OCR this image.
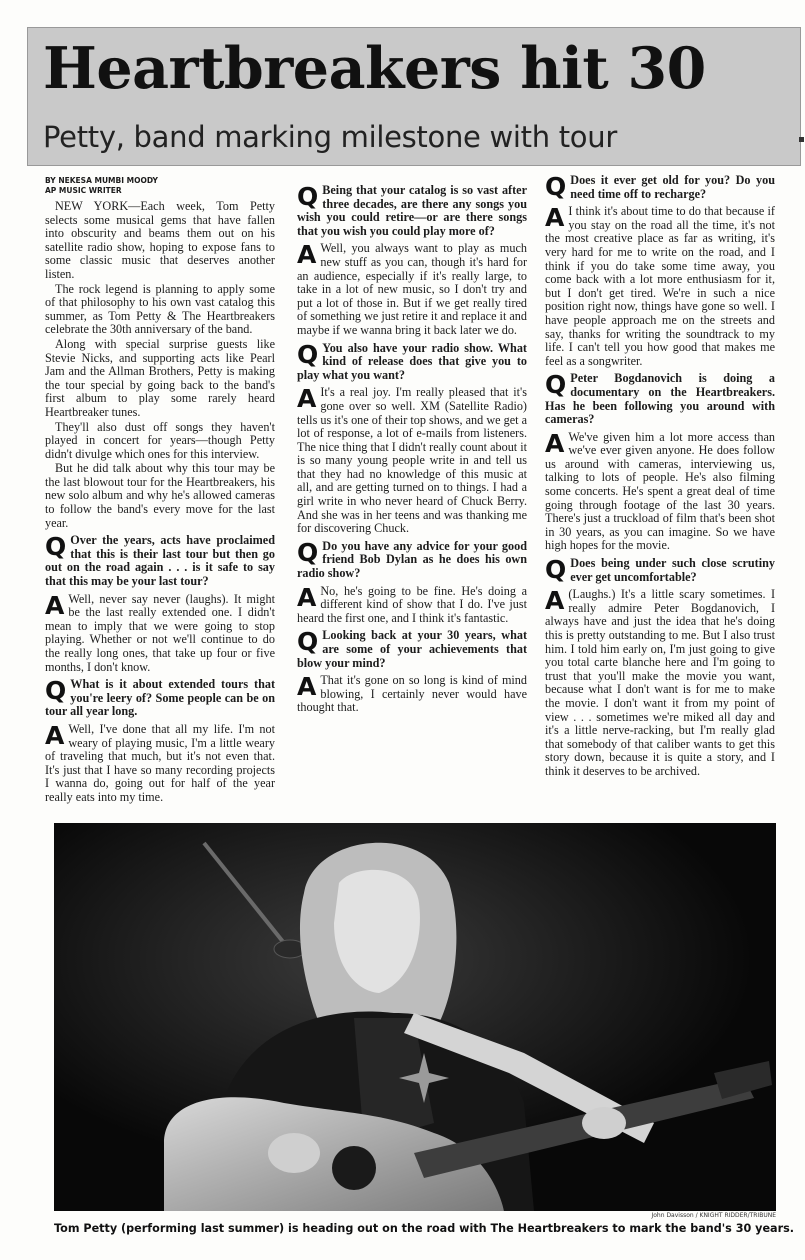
Heartbreakers hit 30
Petty, band marking milestone with tour
BY NEKESA MUMBI MOODY
AP MUSIC WRITER

NEW YORK—Each week, Tom Petty selects some musical gems that have fallen into obscurity and beams them out on his satellite radio show, hoping to expose fans to some classic music that deserves another listen.

The rock legend is planning to apply some of that philosophy to his own vast catalog this summer, as Tom Petty & The Heartbreakers celebrate the 30th anniversary of the band.

Along with special surprise guests like Stevie Nicks, and supporting acts like Pearl Jam and the Allman Brothers, Petty is making the tour special by going back to the band's first album to play some rarely heard Heartbreaker tunes.

They'll also dust off songs they haven't played in concert for years—though Petty didn't divulge which ones for this interview.

But he did talk about why this tour may be the last blowout tour for the Heartbreakers, his new solo album and why he's allowed cameras to follow the band's every move for the last year.

Q Over the years, acts have proclaimed that this is their last tour but then go out on the road again . . . is it safe to say that this may be your last tour?
A Well, never say never (laughs). It might be the last really extended one. I didn't mean to imply that we were going to stop playing. Whether or not we'll continue to do the really long ones, that take up four or five months, I don't know.
Q What is it about extended tours that you're leery of? Some people can be on tour all year long.
A Well, I've done that all my life. I'm not weary of playing music, I'm a little weary of traveling that much, but it's not even that. It's just that I have so many recording projects I wanna do, going out for half of the year really eats into my time.
Q Being that your catalog is so vast after three decades, are there any songs you wish you could retire—or are there songs that you wish you could play more of?
A Well, you always want to play as much new stuff as you can, though it's hard for an audience, especially if it's really large, to take in a lot of new music, so I don't try and put a lot of those in. But if we get really tired of something we just retire it and replace it and maybe if we wanna bring it back later we do.
Q You also have your radio show. What kind of release does that give you to play what you want?
A It's a real joy. I'm really pleased that it's gone over so well. XM (Satellite Radio) tells us it's one of their top shows, and we get a lot of response, a lot of e-mails from listeners. The nice thing that I didn't really count about it is so many young people write in and tell us that they had no knowledge of this music at all, and are getting turned on to things. I had a girl write in who never heard of Chuck Berry. And she was in her teens and was thanking me for discovering Chuck.
Q Do you have any advice for your good friend Bob Dylan as he does his own radio show?
A No, he's going to be fine. He's doing a different kind of show that I do. I've just heard the first one, and I think it's fantastic.
Q Looking back at your 30 years, what are some of your achievements that blow your mind?
A That it's gone on so long is kind of mind blowing, I certainly never would have thought that.
Q Does it ever get old for you? Do you need time off to recharge?
A I think it's about time to do that because if you stay on the road all the time, it's not the most creative place as far as writing, it's very hard for me to write on the road, and I think if you do take some time away, you come back with a lot more enthusiasm for it, but I don't get tired. We're in such a nice position right now, things have gone so well. I have people approach me on the streets and say, thanks for writing the soundtrack to my life. I can't tell you how good that makes me feel as a songwriter.
Q Peter Bogdanovich is doing a documentary on the Heartbreakers. Has he been following you around with cameras?
A We've given him a lot more access than we've ever given anyone. He does follow us around with cameras, interviewing us, talking to lots of people. He's also filming some concerts. He's spent a great deal of time going through footage of the last 30 years. There's just a truckload of film that's been shot in 30 years, as you can imagine. So we have high hopes for the movie.
Q Does being under such close scrutiny ever get uncomfortable?
A (Laughs.) It's a little scary sometimes. I really admire Peter Bogdanovich, I always have and just the idea that he's doing this is pretty outstanding to me. But I also trust him. I told him early on, I'm just going to give you total carte blanche here and I'm going to trust that you'll make the movie you want, because what I don't want is for me to make the movie. I don't want it from my point of view . . . sometimes we're miked all day and it's a little nerve-racking, but I'm really glad that somebody of that caliber wants to get this story down, because it is quite a story, and I think it deserves to be archived.
John Davisson / KNIGHT RIDDER/TRIBUNE
Tom Petty (performing last summer) is heading out on the road with The Heartbreakers to mark the band's 30 years.
